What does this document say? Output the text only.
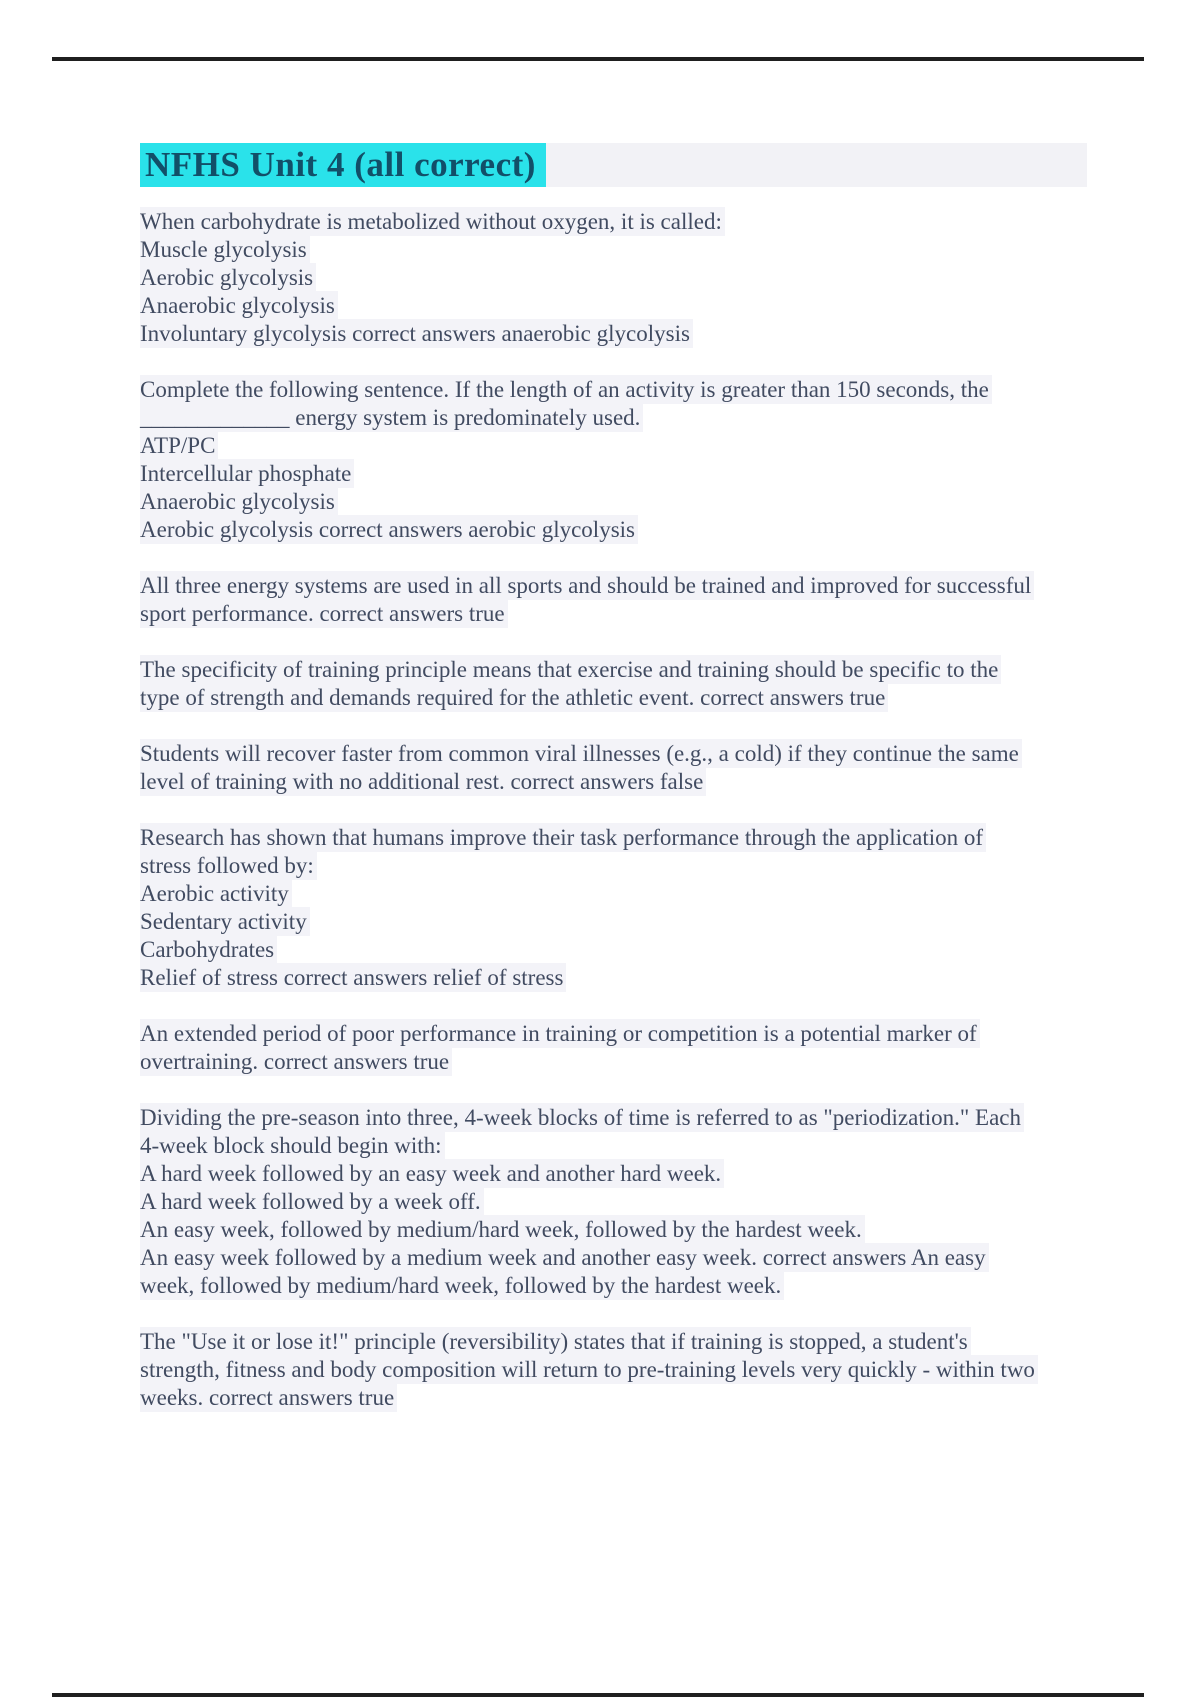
NFHS Unit 4 (all correct)

When carbohydrate is metabolized without oxygen, it is called:
Muscle glycolysis
Aerobic glycolysis
Anaerobic glycolysis
Involuntary glycolysis correct answers anaerobic glycolysis

Complete the following sentence. If the length of an activity is greater than 150 seconds, the
_____________ energy system is predominately used.
ATP/PC
Intercellular phosphate
Anaerobic glycolysis
Aerobic glycolysis correct answers aerobic glycolysis

All three energy systems are used in all sports and should be trained and improved for successful
sport performance. correct answers true

The specificity of training principle means that exercise and training should be specific to the
type of strength and demands required for the athletic event. correct answers true

Students will recover faster from common viral illnesses (e.g., a cold) if they continue the same
level of training with no additional rest. correct answers false

Research has shown that humans improve their task performance through the application of
stress followed by:
Aerobic activity
Sedentary activity
Carbohydrates
Relief of stress correct answers relief of stress

An extended period of poor performance in training or competition is a potential marker of
overtraining. correct answers true

Dividing the pre-season into three, 4-week blocks of time is referred to as "periodization." Each
4-week block should begin with:
A hard week followed by an easy week and another hard week.
A hard week followed by a week off.
An easy week, followed by medium/hard week, followed by the hardest week.
An easy week followed by a medium week and another easy week. correct answers An easy
week, followed by medium/hard week, followed by the hardest week.

The "Use it or lose it!" principle (reversibility) states that if training is stopped, a student's
strength, fitness and body composition will return to pre-training levels very quickly - within two
weeks. correct answers true
